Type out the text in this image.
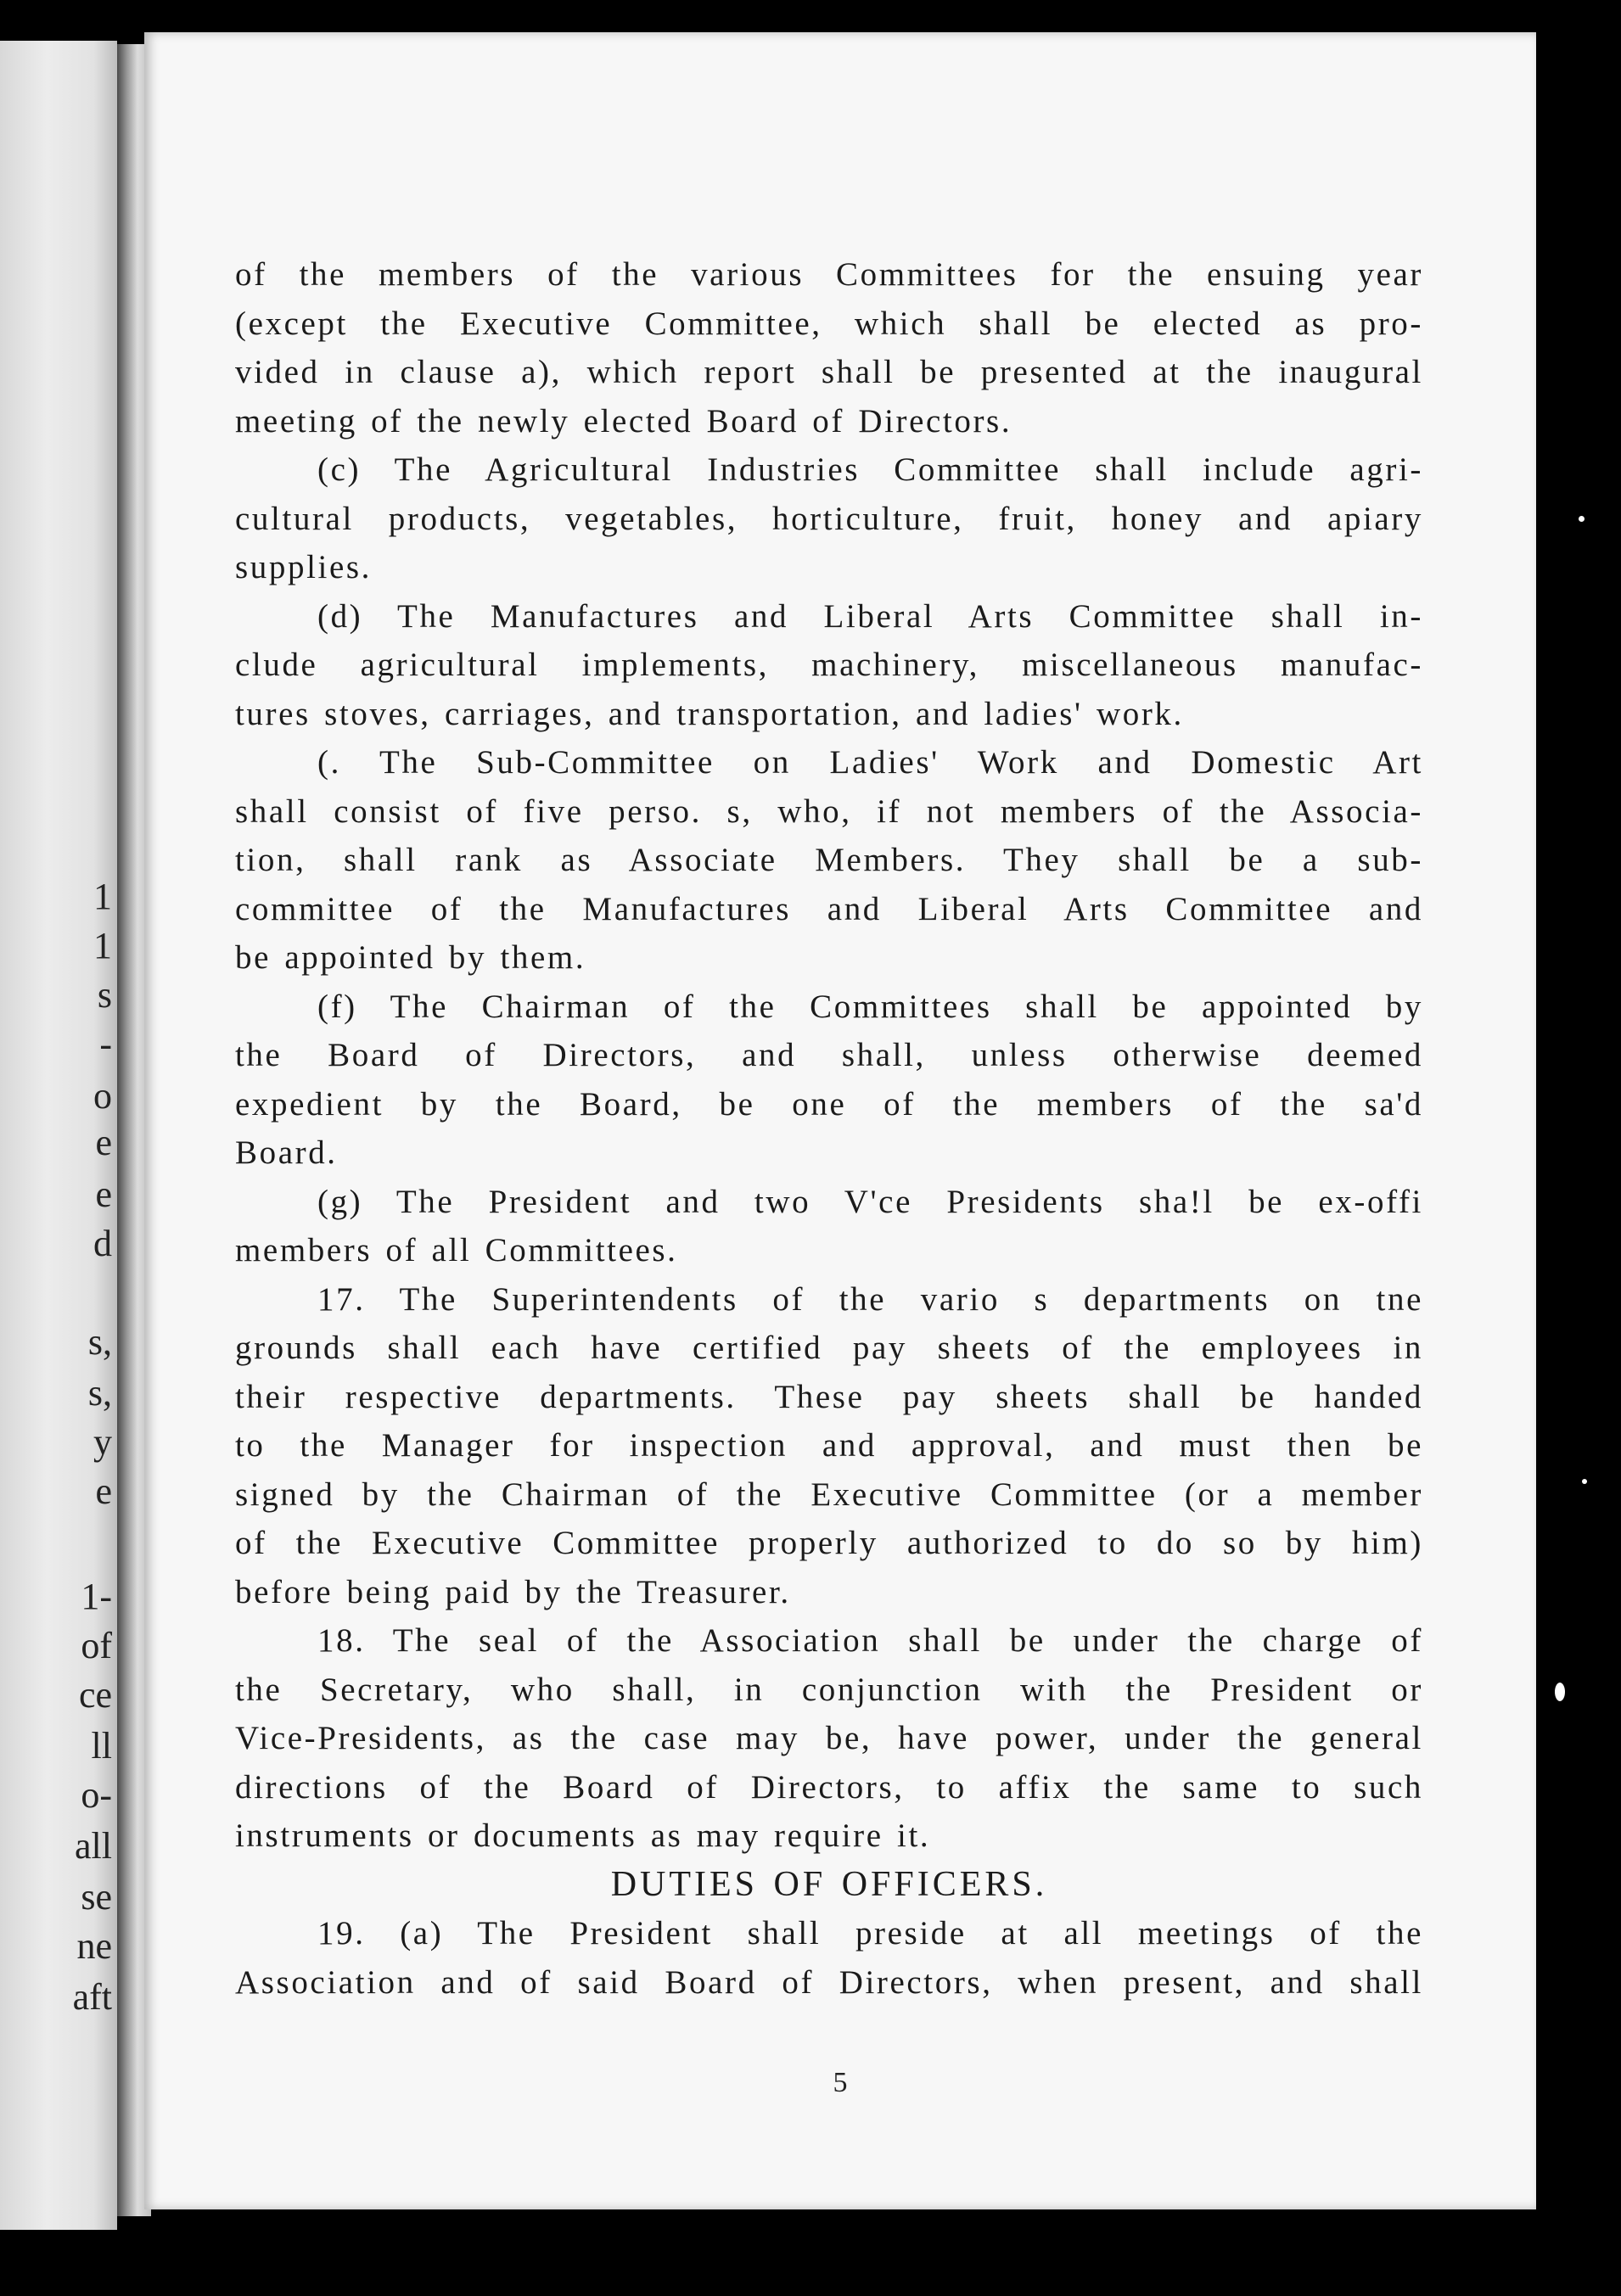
1
1
s
-
o
e
e
d
s,
s,
y
e
1-
of
ce
ll
o-
all
se
ne
aft
of the members of the various Committees for the ensuing year
(except the Executive Committee, which shall be elected as pro-
vided in clause a), which report shall be presented at the inaugural
meeting of the newly elected Board of Directors.
(c) The Agricultural Industries Committee shall include agri-
cultural products, vegetables, horticulture, fruit, honey and apiary
supplies.
(d) The Manufactures and Liberal Arts Committee shall in-
clude agricultural implements, machinery, miscellaneous manufac-
tures stoves, carriages, and transportation, and ladies' work.
(. The Sub-Committee on Ladies' Work and Domestic Art
shall consist of five perso. s, who, if not members of the Associa-
tion, shall rank as Associate Members. They shall be a sub-
committee of the Manufactures and Liberal Arts Committee and
be appointed by them.
(f) The Chairman of the Committees shall be appointed by
the Board of Directors, and shall, unless otherwise deemed
expedient by the Board, be one of the members of the sa'd
Board.
(g) The President and two V'ce Presidents sha!l be ex-offi
members of all Committees.
17. The Superintendents of the vario s departments on tne
grounds shall each have certified pay sheets of the employees in
their respective departments. These pay sheets shall be handed
to the Manager for inspection and approval, and must then be
signed by the Chairman of the Executive Committee (or a member
of the Executive Committee properly authorized to do so by him)
before being paid by the Treasurer.
18. The seal of the Association shall be under the charge of
the Secretary, who shall, in conjunction with the President or
Vice-Presidents, as the case may be, have power, under the general
directions of the Board of Directors, to affix the same to such
instruments or documents as may require it.
DUTIES OF OFFICERS.
19. (a) The President shall preside at all meetings of the
Association and of said Board of Directors, when present, and shall
5
